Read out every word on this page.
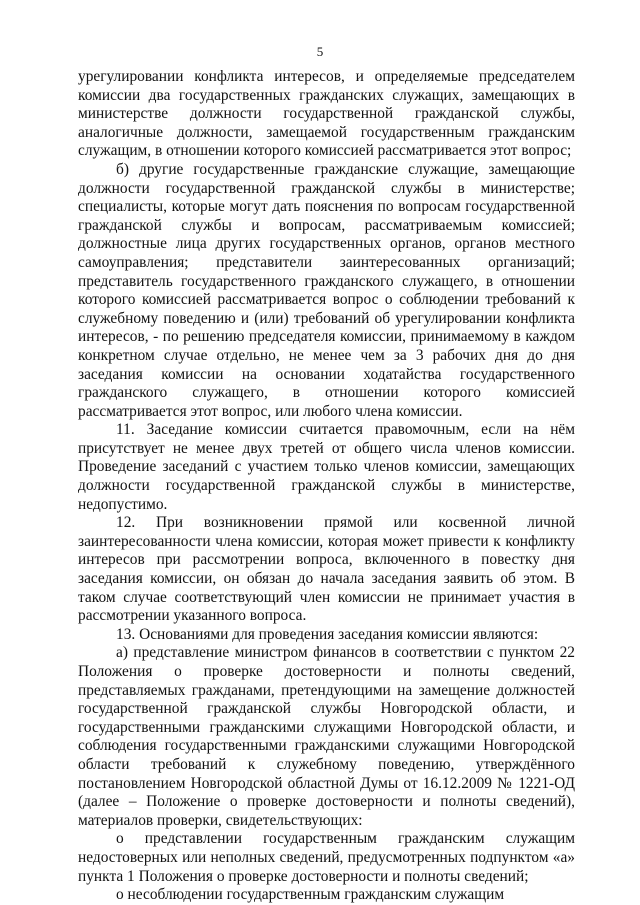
5

урегулировании конфликта интересов, и определяемые председателем комиссии два государственных гражданских служащих, замещающих в министерстве должности государственной гражданской службы, аналогичные должности, замещаемой государственным гражданским служащим, в отношении которого комиссией рассматривается этот вопрос;

б) другие государственные гражданские служащие, замещающие должности государственной гражданской службы в министерстве; специалисты, которые могут дать пояснения по вопросам государственной гражданской службы и вопросам, рассматриваемым комиссией; должностные лица других государственных органов, органов местного самоуправления; представители заинтересованных организаций; представитель государственного гражданского служащего, в отношении которого комиссией рассматривается вопрос о соблюдении требований к служебному поведению и (или) требований об урегулировании конфликта интересов, - по решению председателя комиссии, принимаемому в каждом конкретном случае отдельно, не менее чем за 3 рабочих дня до дня заседания комиссии на основании ходатайства государственного гражданского служащего, в отношении которого комиссией рассматривается этот вопрос, или любого члена комиссии.

11. Заседание комиссии считается правомочным, если на нём присутствует не менее двух третей от общего числа членов комиссии. Проведение заседаний с участием только членов комиссии, замещающих должности государственной гражданской службы в министерстве, недопустимо.

12. При возникновении прямой или косвенной личной заинтересованности члена комиссии, которая может привести к конфликту интересов при рассмотрении вопроса, включенного в повестку дня заседания комиссии, он обязан до начала заседания заявить об этом. В таком случае соответствующий член комиссии не принимает участия в рассмотрении указанного вопроса.

13. Основаниями для проведения заседания комиссии являются:

а) представление министром финансов в соответствии с пунктом 22 Положения о проверке достоверности и полноты сведений, представляемых гражданами, претендующими на замещение должностей государственной гражданской службы Новгородской области, и государственными гражданскими служащими Новгородской области, и соблюдения государственными гражданскими служащими Новгородской области требований к служебному поведению, утверждённого постановлением Новгородской областной Думы от 16.12.2009 № 1221-ОД (далее – Положение о проверке достоверности и полноты сведений), материалов проверки, свидетельствующих:

о представлении государственным гражданским служащим недостоверных или неполных сведений, предусмотренных подпунктом «а» пункта 1 Положения о проверке достоверности и полноты сведений;

о несоблюдении государственным гражданским служащим
